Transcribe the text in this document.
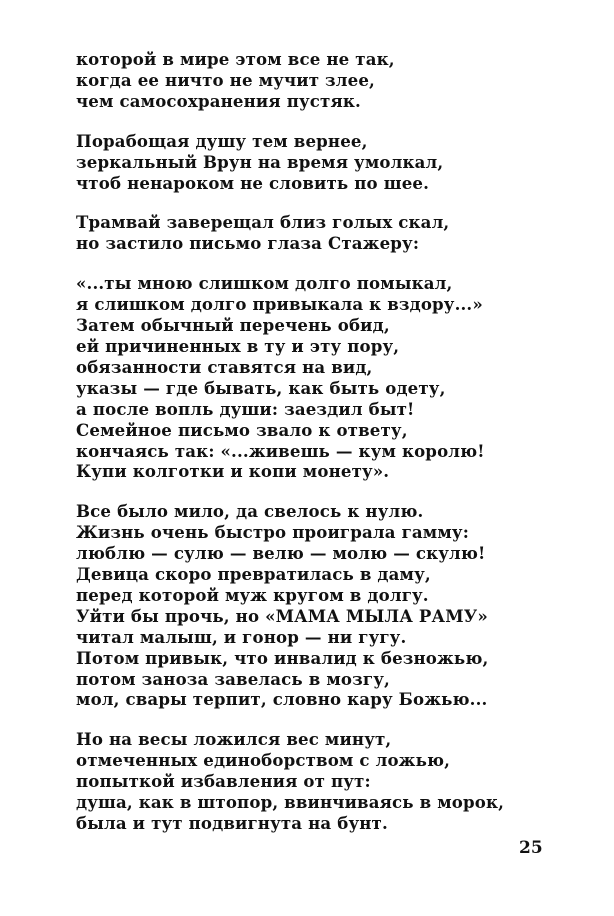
которой в мире этом все не так,
когда ее ничто не мучит злее,
чем самосохранения пустяк.
Порабощая душу тем вернее,
зеркальный Врун на время умолкал,
чтоб ненароком не словить по шее.
Трамвай заверещал близ голых скал,
но застило письмо глаза Стажеру:
«...ты мною слишком долго помыкал,
я слишком долго привыкала к вздору...»
Затем обычный перечень обид,
ей причиненных в ту и эту пору,
обязанности ставятся на вид,
указы — где бывать, как быть одету,
а после вопль души: заездил быт!
Семейное письмо звало к ответу,
кончаясь так: «...живешь — кум королю!
Купи колготки и копи монету».
Все было мило, да свелось к нулю.
Жизнь очень быстро проиграла гамму:
люблю — сулю — велю — молю — скулю!
Девица скоро превратилась в даму,
перед которой муж кругом в долгу.
Уйти бы прочь, но «МАМА МЫЛА РАМУ»
читал малыш, и гонор — ни гугу.
Потом привык, что инвалид к безножью,
потом заноза завелась в мозгу,
мол, свары терпит, словно кару Божью...
Но на весы ложился вес минут,
отмеченных единоборством с ложью,
попыткой избавления от пут:
душа, как в штопор, ввинчиваясь в морок,
была и тут подвигнута на бунт.
25
